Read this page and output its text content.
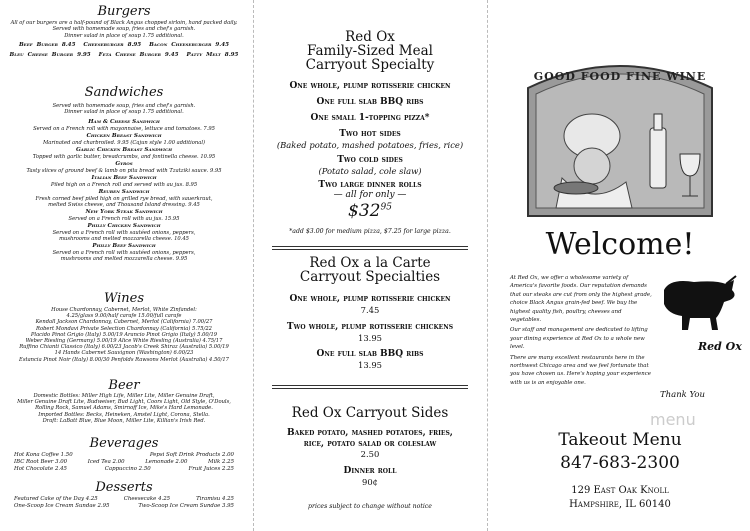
Burgers
All of our burgers are a half-pound of Black Angus chopped sirloin, hand packed daily.
Served with homemade soup, fries and chef's garnish.
Dinner salad in place of soup 1.75 additional.
Beef Burger 8.45 Cheeseburger 8.95 Bacon Cheeseburger 9.45
Bleu Cheese Burger 9.95 Feta Cheese Burger 9.45 Patty Melt 8.95
Sandwiches
Served with homemade soup, fries and chef's garnish.
Dinner salad in place of soup 1.75 additional.
Ham & Cheese Sandwich
Served on a French roll with mayonnaise, lettuce and tomatoes. 7.95
Chicken Breast Sandwich
Marinated and charbroiled. 9.95 (Cajun style 1.00 additional)
Garlic Chicken Breast Sandwich
Topped with garlic butter, breadcrumbs, and fontinella cheese. 10.95
Gyros
Tasty slices of ground beef & lamb on pita bread with Tzatziki sauce. 9.95
Italian Beef Sandwich
Piled high on a French roll and served with au jus. 8.95
Reuben Sandwich
Fresh corned beef piled high on grilled rye bread, with sauerkraut,
melted Swiss cheese, and Thousand Island dressing. 9.45
New York Steak Sandwich
Served on a French roll with au jus. 15.95
Philly Chicken Sandwich
Served on a French roll with sautéed onions, peppers,
mushrooms and melted mozzarella cheese. 10.45
Philly Beef Sandwich
Served on a French roll with sautéed onions, peppers,
mushrooms and melted mozzarella cheese. 9.95
Wines
House Chardonnay, Cabernet, Merlot, White Zinfandel:
4.25/glass 9.00/half carafe 15.00/full carafe
Kendall Jackson Chardonnay, Cabernet, Merlot (California) 7.00/27
Robert Mondavi Private Selection Chardonnay (California) 5.75/22
Placido Pinot Grigio (Italy) 5.00/19 Arancio Pinot Grigio (Italy) 5.00/19
Weber Riesling (Germany) 5.00/19 Alice White Riesling (Australia) 4.75/17
Ruffino Chianti Classico (Italy) 6.00/23 Jacob's Creek Shiraz (Australia) 5.00/19
14 Hands Cabernet Sauvignon (Washington) 6.00/23
Estancia Pinot Noir (Italy) 8.00/30 Penfolds Rawsons Merlot (Australia) 4.50/17
Beer
Domestic Bottles: Miller High Life, Miller Lite, Miller Genuine Draft,
Miller Genuine Draft Lite, Budweiser, Bud Light, Coors Light, Old Style, O'Douls,
Rolling Rock, Samuel Adams, Smirnoff Ice, Mike's Hard Lemonade.
Imported Bottles: Becks, Heineken, Amstel Light, Corona, Stella.
Draft: LaBatt Blue, Blue Moon, Miller Lite, Killian's Irish Red.
Beverages
Hot Kona Coffee 1.50	Pepsi Soft Drink Products 2.00
IBC Root Beer 3.00	Iced Tea 2.00	Lemonade 2.00	Milk 2.25
Hot Chocolate 2.45	Cappuccino 2.50	Fruit Juices 2.25
Desserts
Featured Cake of the Day 4.25	Cheesecake 4.25	Tiramisu 4.25
One-Scoop Ice Cream Sundae 2.95	Two-Scoop Ice Cream Sundae 3.95
Red Ox
Family-Sized Meal
Carryout Specialty
One whole, plump rotisserie chicken
One full slab BBQ ribs
One small 1-topping pizza*
Two hot sides
(Baked potato, mashed potatoes, fries, rice)
Two cold sides
(Potato salad, cole slaw)
Two large dinner rolls
— all for only —
$\$32^{95}$
*add $3.00 for medium pizza, $7.25 for large pizza.
Red Ox a la Carte
Carryout Specialties
One whole, plump rotisserie chicken
7.45
Two whole, plump rotisserie chickens
13.95
One full slab BBQ ribs
13.95
Red Ox Carryout Sides
Baked potato, mashed potatoes, fries, rice, potato salad or coleslaw
2.50
Dinner roll
90¢
prices subject to change without notice
GOOD FOOD FINE WINE
Welcome!
At Red Ox, we offer a wholesome variety of America's favorite foods. Our reputation demands that our steaks are cut from only the highest grade, choice Black Angus grain-fed beef. We buy the highest quality fish, poultry, cheeses and vegetables.
Our staff and management are dedicated to lifting your dining experience at Red Ox to a whole new level.
There are many excellent restaurants here in the northwest Chicago area and we feel fortunate that you have chosen us. Here's hoping your experience with us is an enjoyable one.
Red Ox
Thank You
menu
Takeout Menu
847-683-2300
129 East Oak Knoll
Hampshire, IL 60140
